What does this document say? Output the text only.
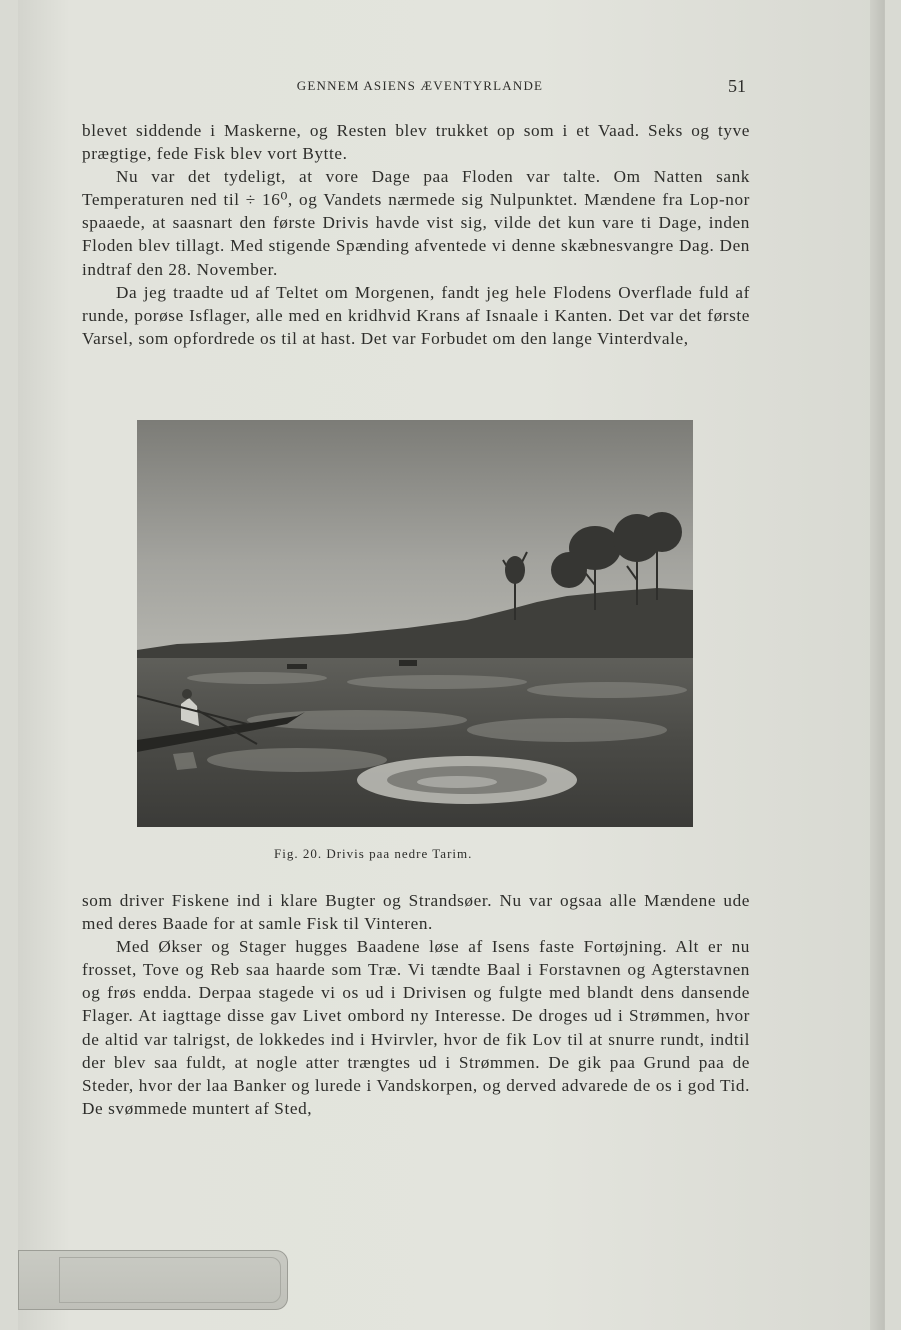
GENNEM ASIENS ÆVENTYRLANDE	51

blevet siddende i Maskerne, og Resten blev trukket op som i et Vaad. Seks og tyve prægtige, fede Fisk blev vort Bytte.

Nu var det tydeligt, at vore Dage paa Floden var talte. Om Natten sank Temperaturen ned til ÷ 16⁰, og Vandets nærmede sig Nulpunktet. Mændene fra Lop-nor spaaede, at saasnart den første Drivis havde vist sig, vilde det kun vare ti Dage, inden Floden blev tillagt. Med stigende Spænding afventede vi denne skæbnesvangre Dag. Den indtraf den 28. November.

Da jeg traadte ud af Teltet om Morgenen, fandt jeg hele Flodens Overflade fuld af runde, porøse Isflager, alle med en kridhvid Krans af Isnaale i Kanten. Det var det første Varsel, som opfordrede os til at hast. Det var Forbudet om den lange Vinterdvale,

Fig. 20. Drivis paa nedre Tarim.

som driver Fiskene ind i klare Bugter og Strandsøer. Nu var ogsaa alle Mændene ude med deres Baade for at samle Fisk til Vinteren.

Med Økser og Stager hugges Baadene løse af Isens faste Fortøjning. Alt er nu frosset, Tove og Reb saa haarde som Træ. Vi tændte Baal i Forstavnen og Agterstavnen og frøs endda. Derpaa stagede vi os ud i Drivisen og fulgte med blandt dens dansende Flager. At iagttage disse gav Livet ombord ny Interesse. De droges ud i Strømmen, hvor de altid var talrigst, de lokkedes ind i Hvirvler, hvor de fik Lov til at snurre rundt, indtil der blev saa fuldt, at nogle atter trængtes ud i Strømmen. De gik paa Grund paa de Steder, hvor der laa Banker og lurede i Vandskorpen, og derved advarede de os i god Tid. De svømmede muntert af Sted,
